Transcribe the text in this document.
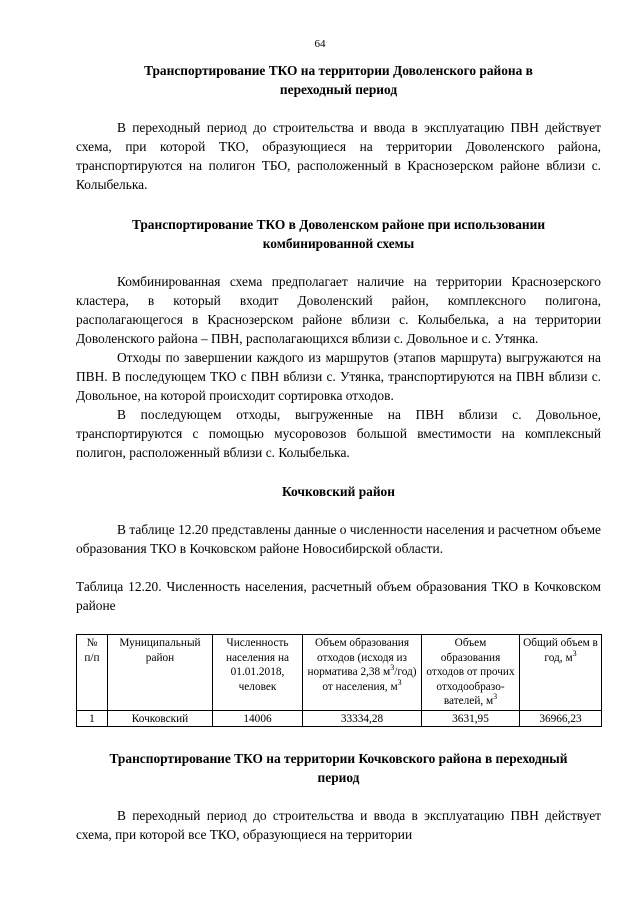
64
Транспортирование ТКО на территории Доволенского района в
переходный период

В переходный период до строительства и ввода в эксплуатацию ПВН действует схема, при которой ТКО, образующиеся на территории Доволенского района, транспортируются на полигон ТБО, расположенный в Краснозерском районе вблизи с. Колыбелька.

Транспортирование ТКО в Доволенском районе при использовании
комбинированной схемы

Комбинированная схема предполагает наличие на территории Краснозерского кластера, в который входит Доволенский район, комплексного полигона, располагающегося в Краснозерском районе вблизи с. Колыбелька, а на территории Доволенского района – ПВН, располагающихся вблизи с. Довольное и с. Утянка.

Отходы по завершении каждого из маршрутов (этапов маршрута) выгружаются на ПВН. В последующем ТКО с ПВН вблизи с. Утянка, транспортируются на ПВН вблизи с. Довольное, на которой происходит сортировка отходов.

В последующем отходы, выгруженные на ПВН вблизи с. Довольное, транспортируются с помощью мусоровозов большой вместимости на комплексный полигон, расположенный вблизи с. Колыбелька.

Кочковский район

В таблице 12.20 представлены данные о численности населения и расчетном объеме образования ТКО в Кочковском районе Новосибирской области.

Таблица 12.20. Численность населения, расчетный объем образования ТКО в Кочковском районе

№
п/п	Муниципальный район	Численность населения на 01.01.2018, человек	Объем образования отходов (исходя из норматива 2,38 $м^3/год$) от населения, $м^3$	Объем образования отходов от прочих отходообразо-вателей, $м^3$	Общий объем в год, $м^3$
1	Кочковский	14006	33334,28	3631,95	36966,23
Транспортирование ТКО на территории Кочковского района в переходный
период

В переходный период до строительства и ввода в эксплуатацию ПВН действует схема, при которой все ТКО, образующиеся на территории
